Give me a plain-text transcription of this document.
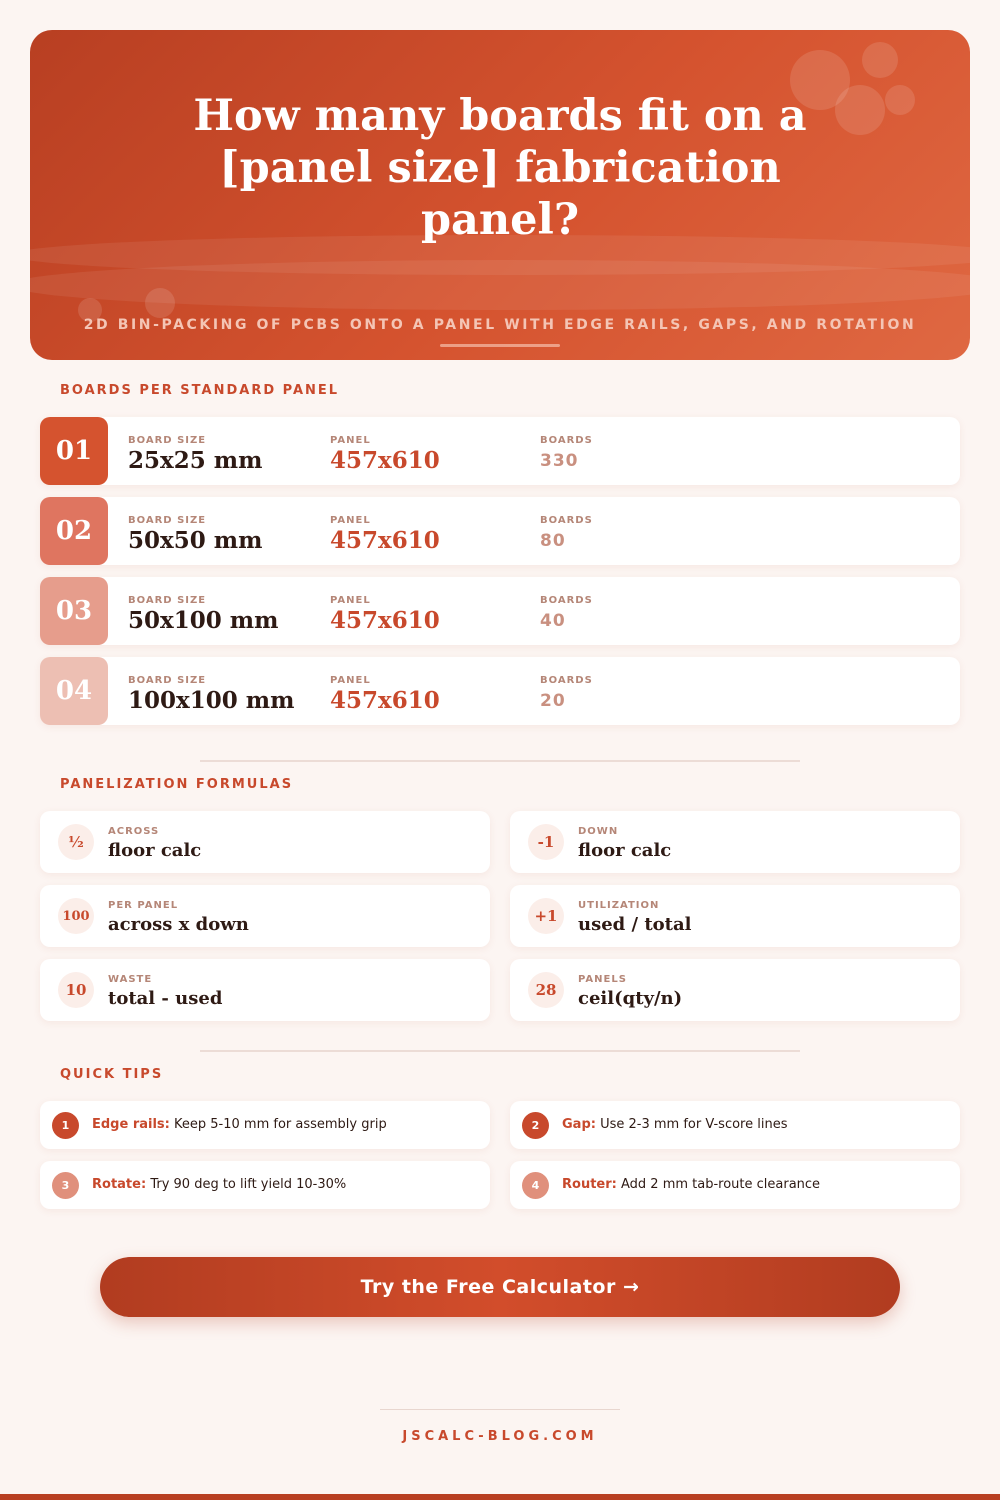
How many boards fit on a [panel size] fabrication panel?
2D BIN-PACKING OF PCBS ONTO A PANEL WITH EDGE RAILS, GAPS, AND ROTATION
BOARDS PER STANDARD PANEL
01	BOARD SIZE
25x25 mm
PANEL
457x610
BOARDS
330
02	BOARD SIZE
50x50 mm
PANEL
457x610
BOARDS
80
03	BOARD SIZE
50x100 mm
PANEL
457x610
BOARDS
40
04	BOARD SIZE
100x100 mm
PANEL
457x610
BOARDS
20
PANELIZATION FORMULAS
½
ACROSS
floor calc	-1
DOWN
floor calc
100
PER PANEL
across x down	+1
UTILIZATION
used / total
10
WASTE
total - used	28
PANELS
ceil(qty/n)
QUICK TIPS
1	Edge rails: Keep 5-10 mm for assembly grip	2	Gap: Use 2-3 mm for V-score lines
3	Rotate: Try 90 deg to lift yield 10-30%	4	Router: Add 2 mm tab-route clearance
Try the Free Calculator →
JSCALC-BLOG.COM
